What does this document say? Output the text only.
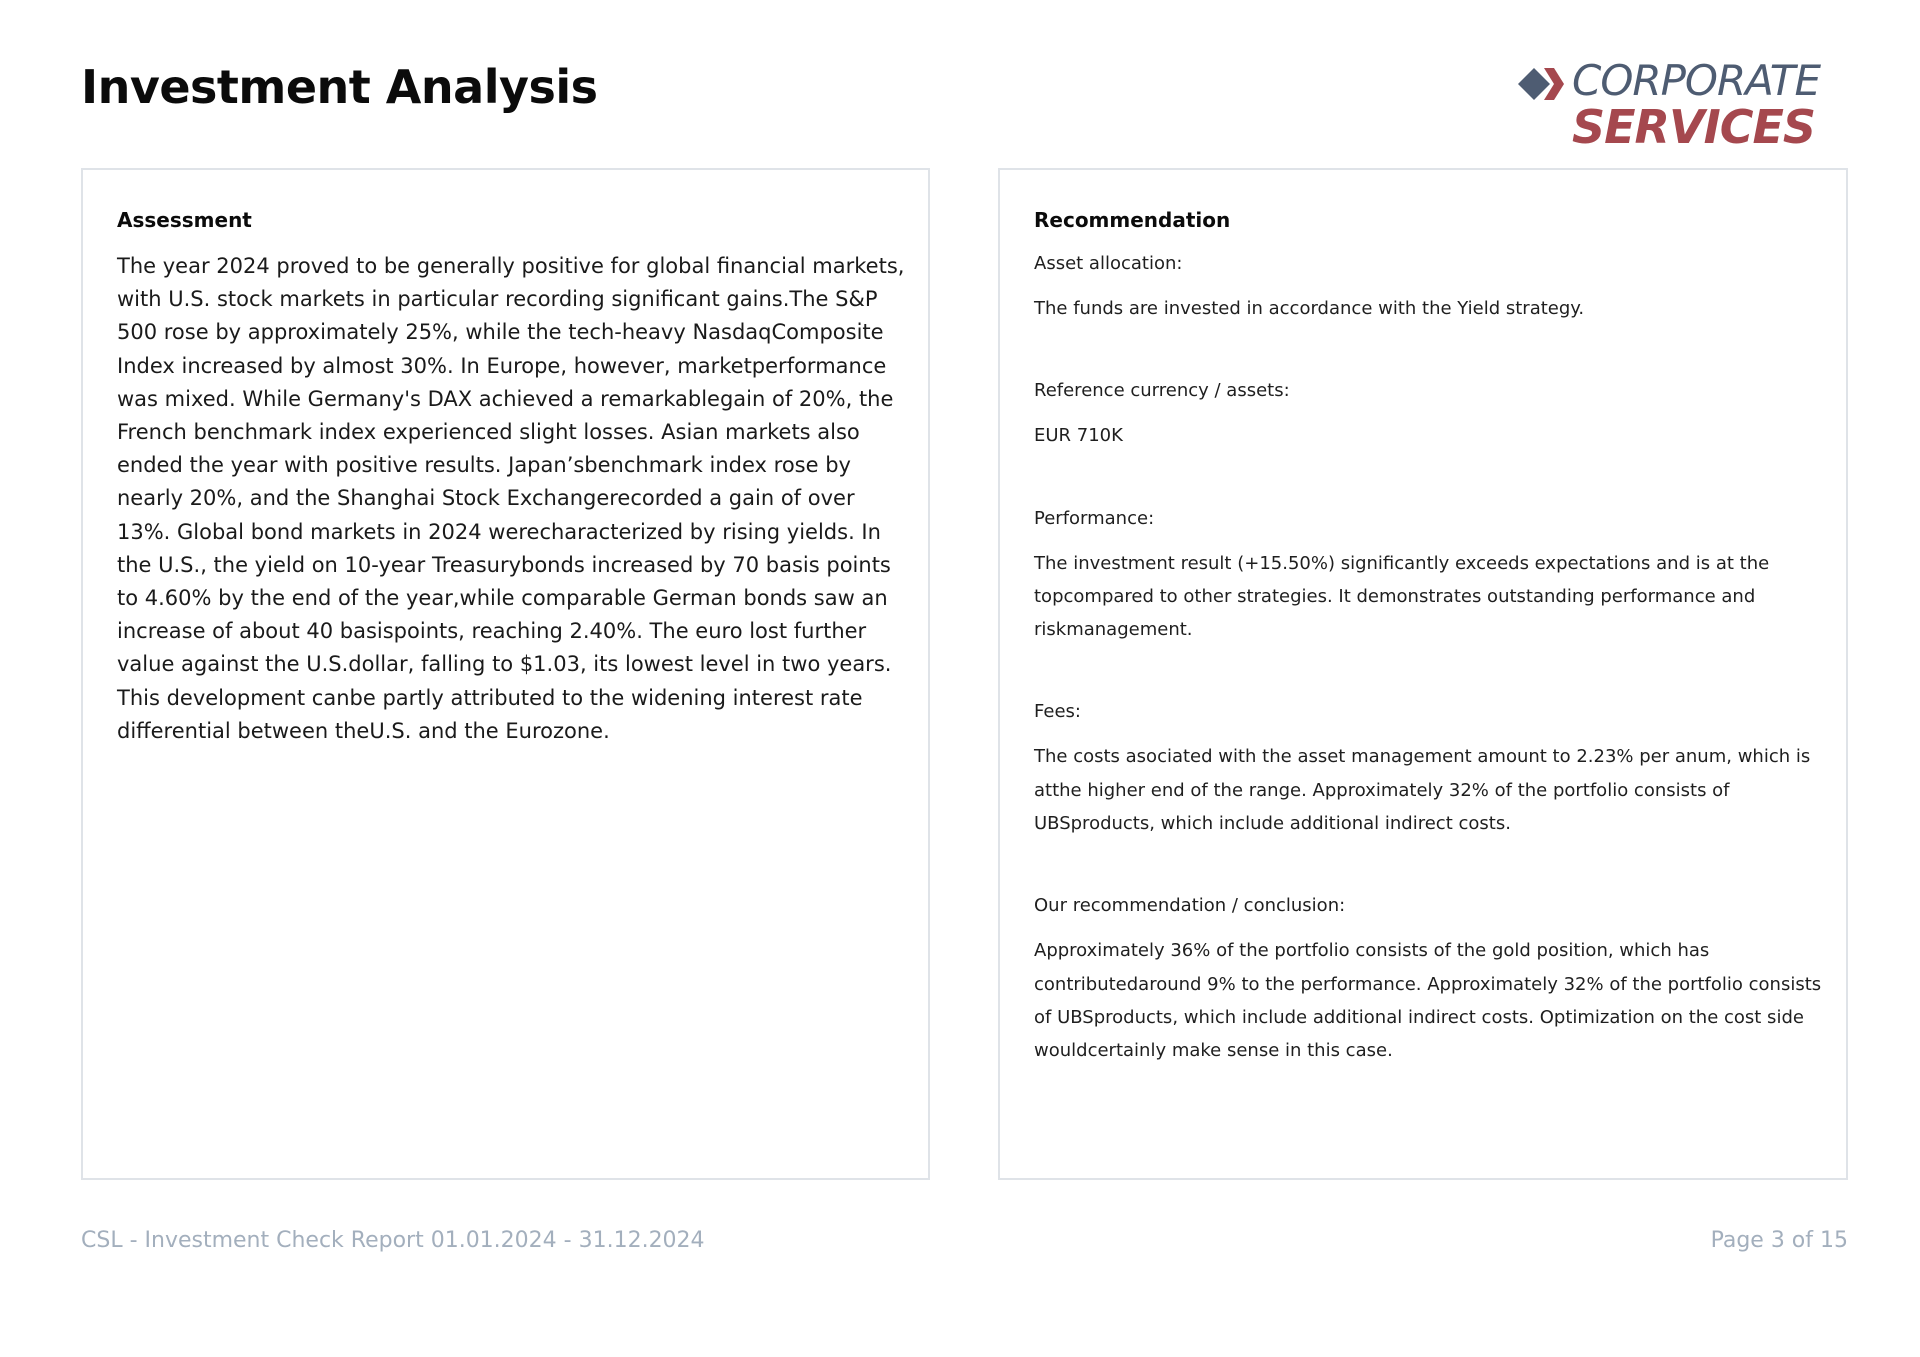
Investment Analysis	CORPORATE
SERVICES
Assessment

The year 2024 proved to be generally positive for global financial markets, with U.S. stock markets in particular recording significant gains.The S&P 500 rose by approximately 25%, while the tech-heavy NasdaqComposite Index increased by almost 30%. In Europe, however, marketperformance was mixed. While Germany's DAX achieved a remarkablegain of 20%, the French benchmark index experienced slight losses. Asian markets also ended the year with positive results. Japan’sbenchmark index rose by nearly 20%, and the Shanghai Stock Exchangerecorded a gain of over 13%. Global bond markets in 2024 werecharacterized by rising yields. In the U.S., the yield on 10-year Treasurybonds increased by 70 basis points to 4.60% by the end of the year,while comparable German bonds saw an increase of about 40 basispoints, reaching 2.40%. The euro lost further value against the U.S.dollar, falling to $1.03, its lowest level in two years. This development canbe partly attributed to the widening interest rate differential between theU.S. and the Eurozone.

Recommendation

Asset allocation:

The funds are invested in accordance with the Yield strategy.

Reference currency / assets:

EUR 710K

Performance:

The investment result (+15.50%) significantly exceeds expectations and is at the topcompared to other strategies. It demonstrates outstanding performance and riskmanagement.

Fees:

The costs asociated with the asset management amount to 2.23% per anum, which is atthe higher end of the range. Approximately 32% of the portfolio consists of UBSproducts, which include additional indirect costs.

Our recommendation / conclusion:

Approximately 36% of the portfolio consists of the gold position, which has contributedaround 9% to the performance. Approximately 32% of the portfolio consists of UBSproducts, which include additional indirect costs. Optimization on the cost side wouldcertainly make sense in this case.

CSL - Investment Check Report 01.01.2024 - 31.12.2024	Page 3 of 15
